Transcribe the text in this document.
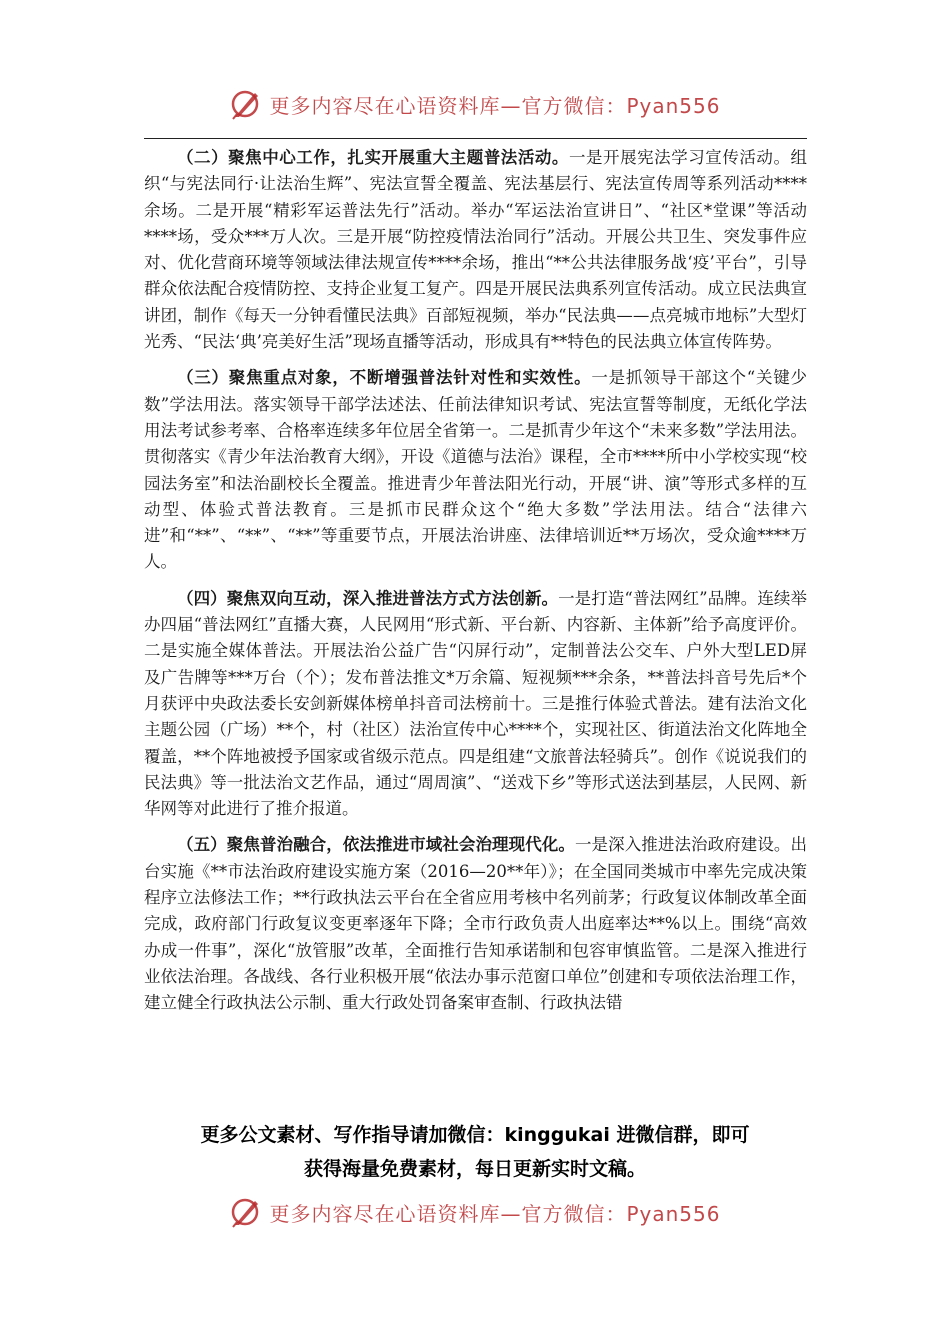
更多内容尽在心语资料库—官方微信：Pyan556

（二）聚焦中心工作，扎实开展重大主题普法活动。一是开展宪法学习宣传活动。组织“与宪法同行·让法治生辉”、宪法宣誓全覆盖、宪法基层行、宪法宣传周等系列活动****余场。二是开展“精彩军运普法先行”活动。举办“军运法治宣讲日”、“社区*堂课”等活动****场，受众***万人次。三是开展“防控疫情法治同行”活动。开展公共卫生、突发事件应对、优化营商环境等领域法律法规宣传****余场，推出“**公共法律服务战‘疫’平台”，引导群众依法配合疫情防控、支持企业复工复产。四是开展民法典系列宣传活动。成立民法典宣讲团，制作《每天一分钟看懂民法典》百部短视频，举办“民法典——点亮城市地标”大型灯光秀、“民法‘典’亮美好生活”现场直播等活动，形成具有**特色的民法典立体宣传阵势。

（三）聚焦重点对象，不断增强普法针对性和实效性。一是抓领导干部这个“关键少数”学法用法。落实领导干部学法述法、任前法律知识考试、宪法宣誓等制度，无纸化学法用法考试参考率、合格率连续多年位居全省第一。二是抓青少年这个“未来多数”学法用法。贯彻落实《青少年法治教育大纲》，开设《道德与法治》课程，全市****所中小学校实现“校园法务室”和法治副校长全覆盖。推进青少年普法阳光行动，开展“讲、演”等形式多样的互动型、体验式普法教育。三是抓市民群众这个“绝大多数”学法用法。结合“法律六进”和“**”、“**”、“**”等重要节点，开展法治讲座、法律培训近**万场次，受众逾****万人。

（四）聚焦双向互动，深入推进普法方式方法创新。一是打造“普法网红”品牌。连续举办四届“普法网红”直播大赛，人民网用“形式新、平台新、内容新、主体新”给予高度评价。二是实施全媒体普法。开展法治公益广告“闪屏行动”，定制普法公交车、户外大型LED屏及广告牌等***万台（个）；发布普法推文*万余篇、短视频***余条，**普法抖音号先后*个月获评中央政法委长安剑新媒体榜单抖音司法榜前十。三是推行体验式普法。建有法治文化主题公园（广场）**个，村（社区）法治宣传中心****个，实现社区、街道法治文化阵地全覆盖，**个阵地被授予国家或省级示范点。四是组建“文旅普法轻骑兵”。创作《说说我们的民法典》等一批法治文艺作品，通过“周周演”、“送戏下乡”等形式送法到基层，人民网、新华网等对此进行了推介报道。

（五）聚焦普治融合，依法推进市域社会治理现代化。一是深入推进法治政府建设。出台实施《**市法治政府建设实施方案（2016—20**年）》；在全国同类城市中率先完成决策程序立法修法工作；**行政执法云平台在全省应用考核中名列前茅；行政复议体制改革全面完成，政府部门行政复议变更率逐年下降；全市行政负责人出庭率达**%以上。围绕“高效办成一件事”，深化“放管服”改革，全面推行告知承诺制和包容审慎监管。二是深入推进行业依法治理。各战线、各行业积极开展“依法办事示范窗口单位”创建和专项依法治理工作，建立健全行政执法公示制、重大行政处罚备案审查制、行政执法错

更多公文素材、写作指导请加微信：kinggukai 进微信群，即可
获得海量免费素材，每日更新实时文稿。
更多内容尽在心语资料库—官方微信：Pyan556
